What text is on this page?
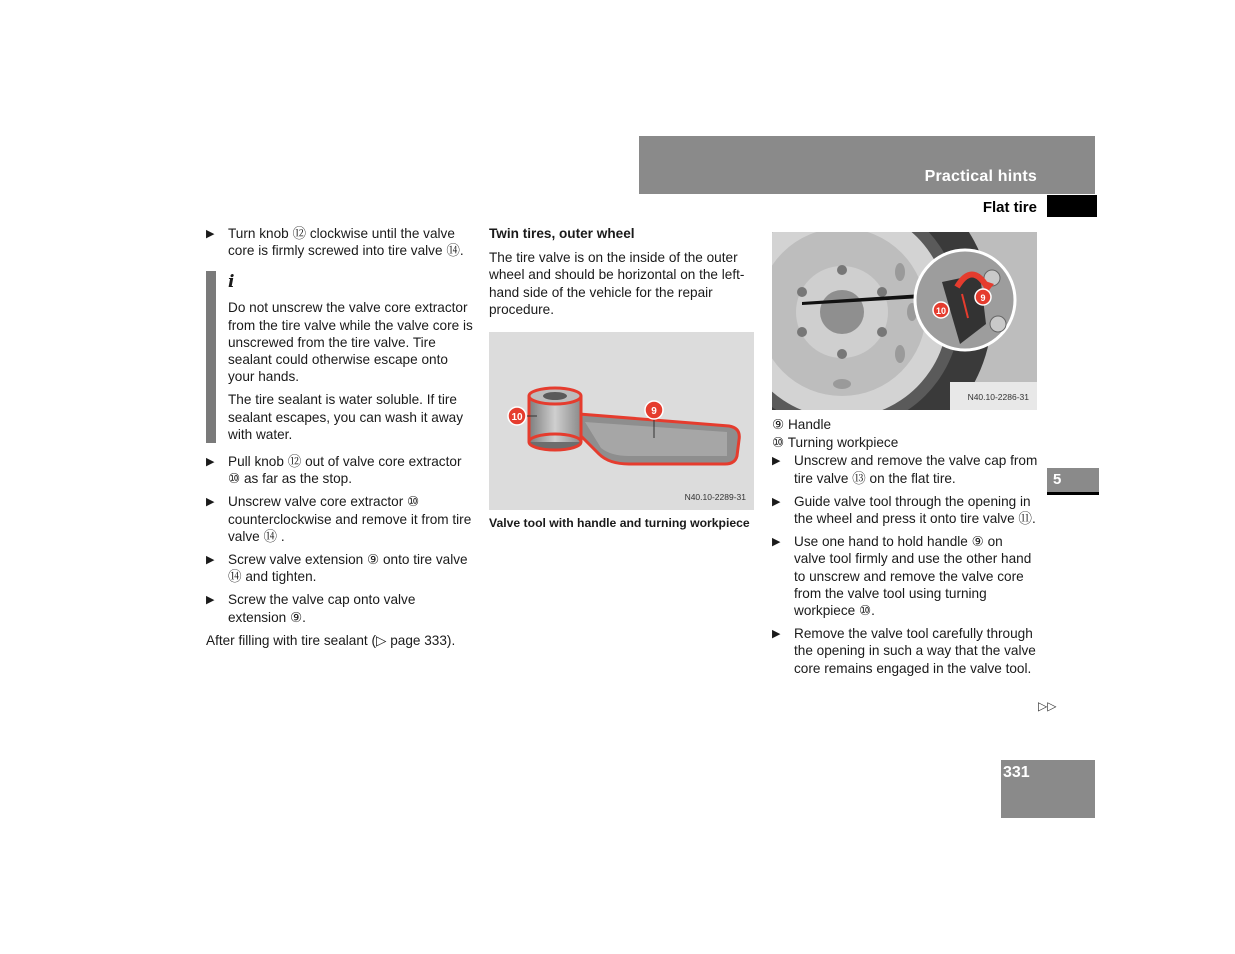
Practical hints
Flat tire
5
331
▷▷
▶ Turn knob ⑫ clockwise until the valve core is firmly screwed into tire valve ⑭.
i

Do not unscrew the valve core extractor from the tire valve while the valve core is unscrewed from the tire valve. Tire sealant could otherwise escape onto your hands.

The tire sealant is water soluble. If tire sealant escapes, you can wash it away with water.

▶ Pull knob ⑫ out of valve core extractor ⑩ as far as the stop.
▶ Unscrew valve core extractor ⑩ counterclockwise and remove it from tire valve ⑭ .
▶ Screw valve extension ⑨ onto tire valve ⑭ and tighten.
▶ Screw the valve cap onto valve extension ⑨.
After filling with tire sealant (▷ page 333).
Twin tires, outer wheel
The tire valve is on the inside of the outer wheel and should be horizontal on the left-hand side of the vehicle for the repair procedure.
10
9
N40.10-2289-31
Valve tool with handle and turning workpiece
9
10
N40.10-2286-31
⑨ Handle
⑩ Turning workpiece
▶ Unscrew and remove the valve cap from tire valve ⑬ on the flat tire.
▶ Guide valve tool through the opening in the wheel and press it onto tire valve ⑪.
▶ Use one hand to hold handle ⑨ on valve tool firmly and use the other hand to unscrew and remove the valve core from the valve tool using turning workpiece ⑩.
▶ Remove the valve tool carefully through the opening in such a way that the valve core remains engaged in the valve tool.
